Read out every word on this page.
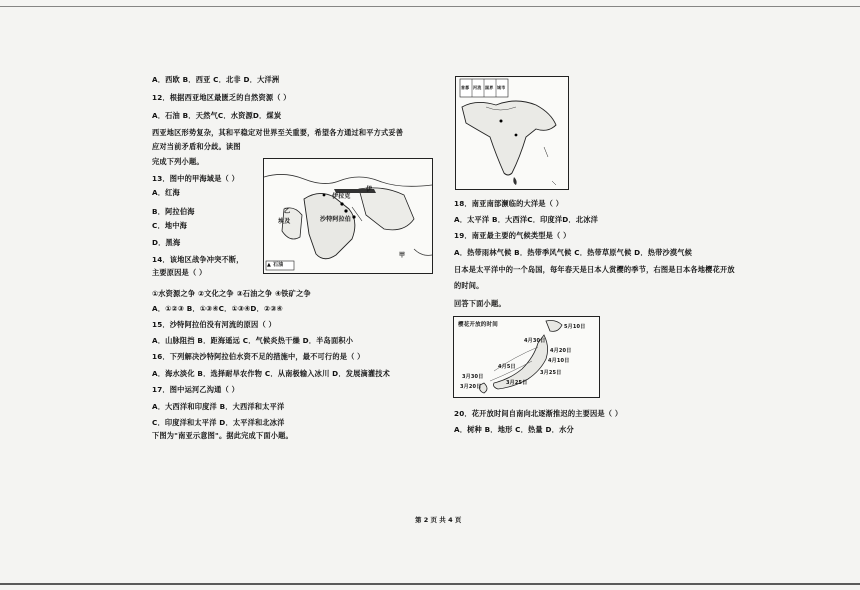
A．西欧 B．西亚 C．北非 D．大洋洲
12．根据西亚地区最匮乏的自然资源（ ）
A．石油 B．天然气C．水资源D．煤炭
西亚地区形势复杂，其和平稳定对世界至关重要，希望各方通过和平方式妥善
应对当前矛盾和分歧。读图
完成下列小题。
13．图中的甲海域是（ ）
A．红海
B．阿拉伯海
C．地中海
D．黑海
14．该地区战争冲突不断，
主要原因是（ ）
①水资源之争 ②文化之争 ③石油之争 ④铁矿之争
A．①②③ B．①③④C．①③④D．②③④
15．沙特阿拉伯没有河流的原因（ ）
A．山脉阻挡 B．距海遥远 C．气候炎热干燥 D．半岛面积小
16．下列解决沙特阿拉伯水资不足的措施中，最不可行的是（ ）
A．海水淡化 B．选择耐旱农作物 C．从南极输入冰川 D．发展滴灌技术
17．图中运河乙沟通（ ）
A．大西洋和印度洋 B．大西洋和太平洋
C．印度洋和太平洋 D．太平洋和北冰洋
下图为"南亚示意图"。据此完成下面小题。
伊拉克
伊
沙特阿拉伯
埃及
乙
甲
▲ 石油
首都 河流 国界 城市
18．南亚南部濒临的大洋是（ ）
A．太平洋 B．大西洋C．印度洋D．北冰洋
19．南亚最主要的气候类型是（ ）
A．热带雨林气候 B．热带季风气候 C．热带草原气候 D．热带沙漠气候
日本是太平洋中的一个岛国，每年春天是日本人赏樱的季节，右图是日本各地樱花开放
的时间。
回答下面小题。
樱花开放的时间	5月10日
4月30日
4月20日
4月10日
4月5日
3月30日
3月25日
3月20日
3月25日
20．花开放时间自南向北逐渐推迟的主要因是（ ）
A．树种 B．地形 C．热量 D．水分
第 2 页 共 4 页
